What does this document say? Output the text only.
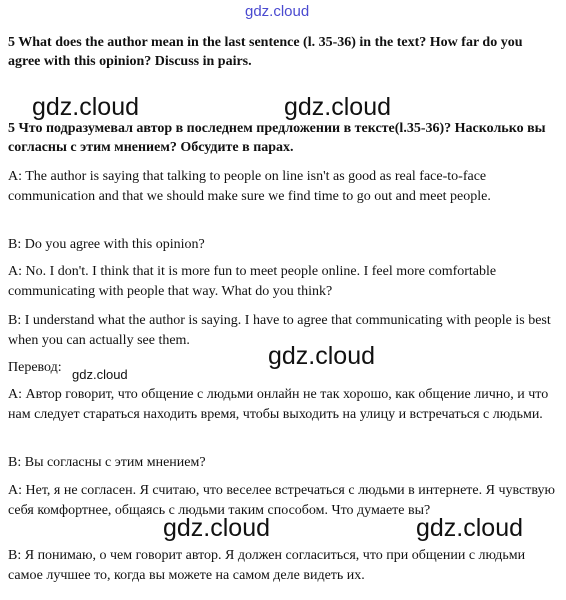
gdz.cloud
5 What does the author mean in the last sentence (l. 35-36) in the text? How far do you agree with this opinion? Discuss in pairs.
gdz.cloud	gdz.cloud
5 Что подразумевал автор в последнем предложении в тексте(l.35-36)? Насколько вы согласны с этим мнением? Обсудите в парах.
A: The author is saying that talking to people on line isn't as good as real face-to-face communication and that we should make sure we find time to go out and meet people.
B: Do you agree with this opinion?
A: No. I don't. I think that it is more fun to meet people online. I feel more comfortable communicating with people that way. What do you think?
B: I understand what the author is saying. I have to agree that communicating with people is best when you can actually see them.
gdz.cloud
Перевод: gdz.cloud
A: Автор говорит, что общение с людьми онлайн не так хорошо, как общение лично, и что нам следует стараться находить время, чтобы выходить на улицу и встречаться с людьми.
B: Вы согласны с этим мнением?
A: Нет, я не согласен. Я считаю, что веселее встречаться с людьми в интернете. Я чувствую себя комфортнее, общаясь с людьми таким способом. Что думаете вы?
gdz.cloud	gdz.cloud
B: Я понимаю, о чем говорит автор. Я должен согласиться, что при общении с людьми самое лучшее то, когда вы можете на самом деле видеть их.
